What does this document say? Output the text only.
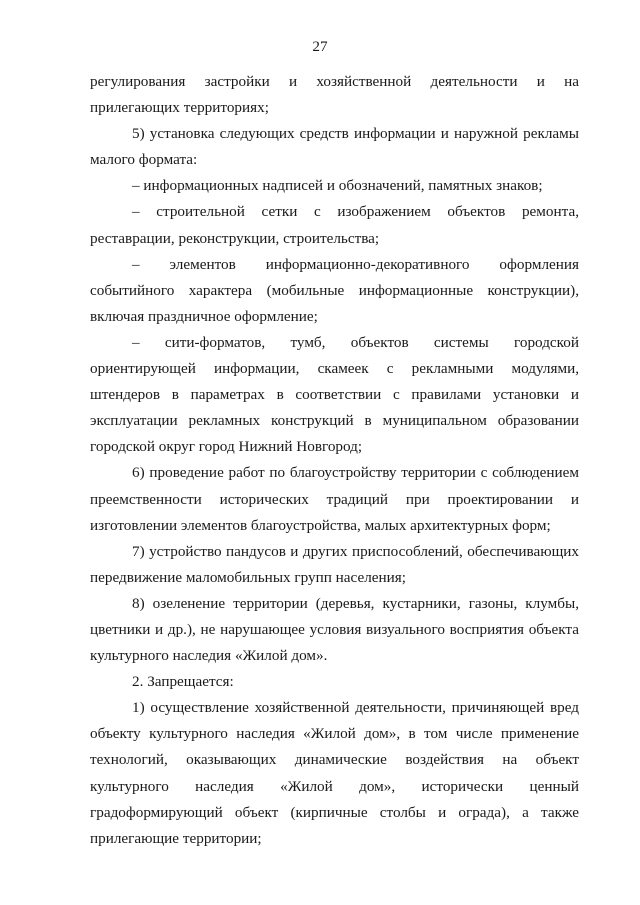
27

регулирования застройки и хозяйственной деятельности и на прилегающих территориях;

5) установка следующих средств информации и наружной рекламы малого формата:

– информационных надписей и обозначений, памятных знаков;

– строительной сетки с изображением объектов ремонта, реставрации, реконструкции, строительства;

– элементов информационно-декоративного оформления событийного характера (мобильные информационные конструкции), включая праздничное оформление;

– сити-форматов, тумб, объектов системы городской ориентирующей информации, скамеек с рекламными модулями, штендеров в параметрах в соответствии с правилами установки и эксплуатации рекламных конструкций в муниципальном образовании городской округ город Нижний Новгород;

6) проведение работ по благоустройству территории с соблюдением преемственности исторических традиций при проектировании и изготовлении элементов благоустройства, малых архитектурных форм;

7) устройство пандусов и других приспособлений, обеспечивающих передвижение маломобильных групп населения;

8) озеленение территории (деревья, кустарники, газоны, клумбы, цветники и др.), не нарушающее условия визуального восприятия объекта культурного наследия «Жилой дом».

2. Запрещается:

1) осуществление хозяйственной деятельности, причиняющей вред объекту культурного наследия «Жилой дом», в том числе применение технологий, оказывающих динамические воздействия на объект культурного наследия «Жилой дом», исторически ценный градоформирующий объект (кирпичные столбы и ограда), а также прилегающие территории;
